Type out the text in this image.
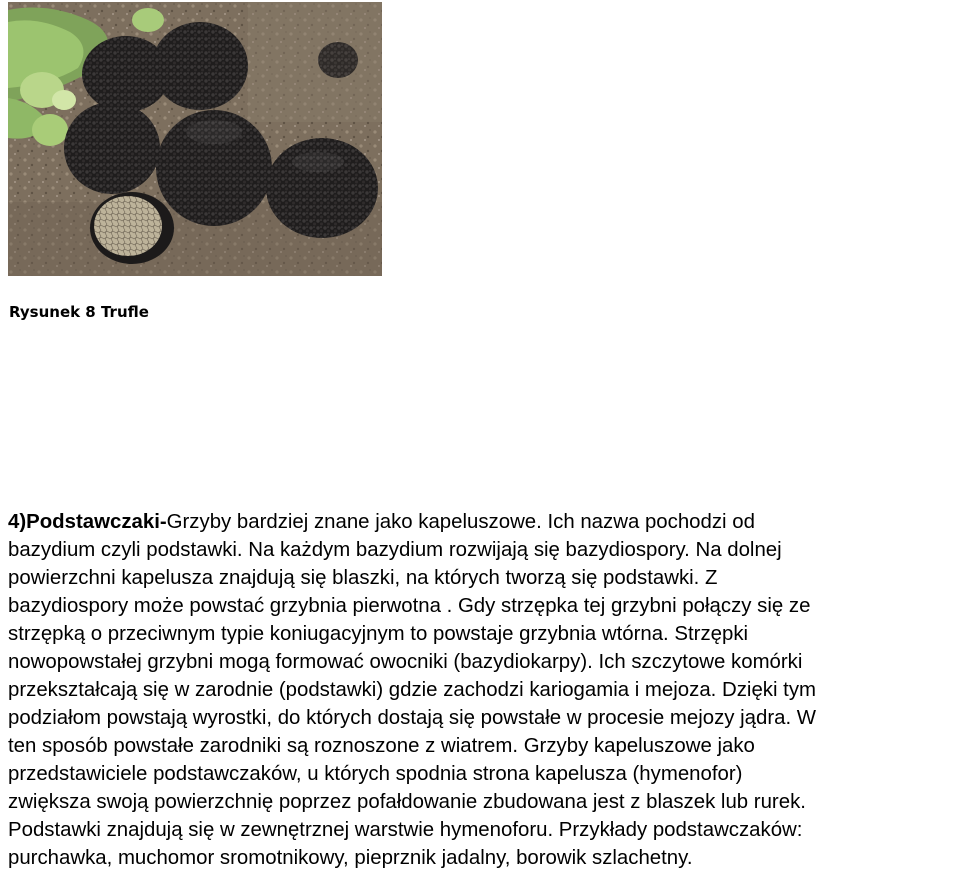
Rysunek 8 Trufle

4)Podstawczaki-Grzyby bardziej znane jako kapeluszowe. Ich nazwa pochodzi od
bazydium czyli podstawki. Na każdym bazydium rozwijają się bazydiospory. Na dolnej
powierzchni kapelusza znajdują się blaszki, na których tworzą się podstawki. Z
bazydiospory może powstać grzybnia pierwotna . Gdy strzępka tej grzybni połączy się ze
strzępką o przeciwnym typie koniugacyjnym to powstaje grzybnia wtórna. Strzępki
nowopowstałej grzybni mogą formować owocniki (bazydiokarpy). Ich szczytowe komórki
przekształcają się w zarodnie (podstawki) gdzie zachodzi kariogamia i mejoza. Dzięki tym
podziałom powstają wyrostki, do których dostają się powstałe w procesie mejozy jądra. W
ten sposób powstałe zarodniki są roznoszone z wiatrem. Grzyby kapeluszowe jako
przedstawiciele podstawczaków, u których spodnia strona kapelusza (hymenofor)
zwiększa swoją powierzchnię poprzez pofałdowanie zbudowana jest z blaszek lub rurek.
Podstawki znajdują się w zewnętrznej warstwie hymenoforu. Przykłady podstawczaków:
purchawka, muchomor sromotnikowy, pieprznik jadalny, borowik szlachetny.
